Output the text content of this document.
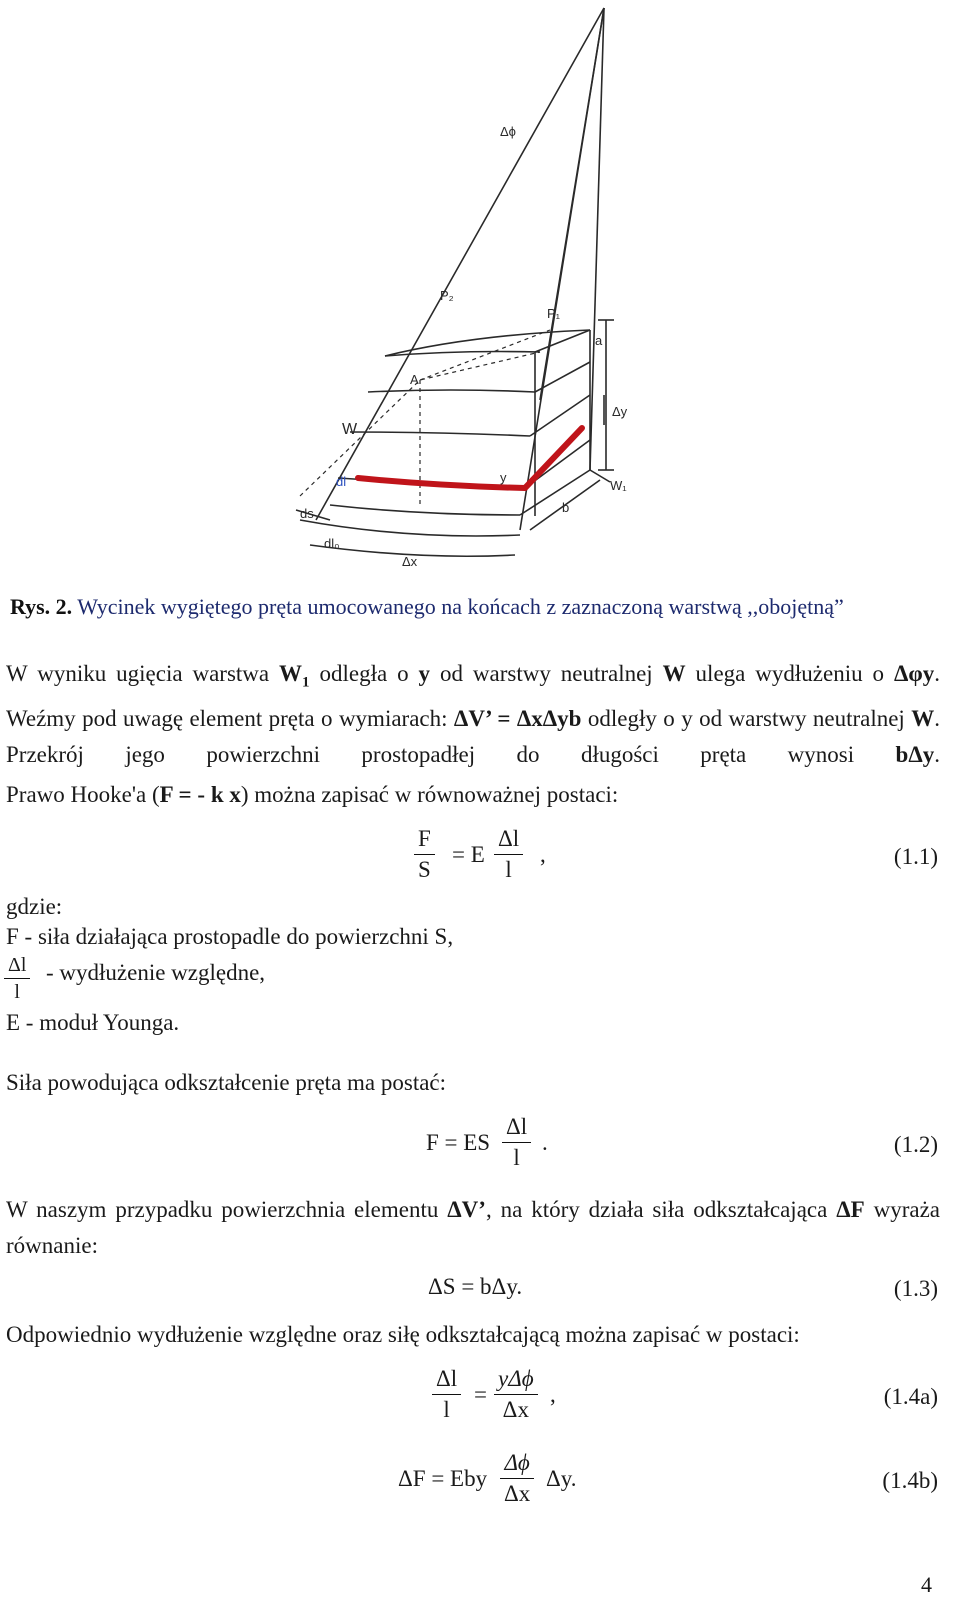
Δϕ
P₂
P₁
a
A
Δy
W
dl	y
W₁
ds	b
dl₀
Δx
Rys. 2. Wycinek wygiętego pręta umocowanego na końcach z zaznaczoną warstwą ,,obojętną”
W wyniku ugięcia warstwa $W_1$ odległa o y od warstwy neutralnej W ulega wydłużeniu o Δφy. Weźmy pod uwagę element pręta o wymiarach: ΔV’ = ΔxΔyb odległy o y od warstwy neutralnej W. Przekrój jego powierzchni prostopadłej do długości pręta wynosi bΔy.
Prawo Hooke'a (F = - k x) można zapisać w równoważnej postaci:
F
S
= E
Δl
l
,	(1.1)
gdzie:
F - siła działająca prostopadle do powierzchni S,
Δl
l
- wydłużenie względne,
E - moduł Younga.
Siła powodująca odkształcenie pręta ma postać:
F = ES
Δl
l
.	(1.2)
W naszym przypadku powierzchnia elementu ΔV’, na który działa siła odkształcająca ΔF wyraża równanie:
ΔS = bΔy.	(1.3)
Odpowiednio wydłużenie względne oraz siłę odkształcającą można zapisać w postaci:
Δl
l
=
yΔϕ
Δx
,	(1.4a)
ΔF = Eby
Δϕ
Δx
Δy.	(1.4b)
4
